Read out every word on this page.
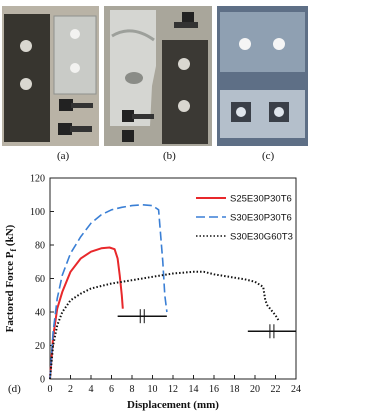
(a)	(b)	(c)
0
20
40
60
80
100
120
0 2 4 6 8 10 12 14 16 18 20 22 24
S25E30P30T6
S30E30P30T6
S30E30G60T3
Factored Force $P_f$ (kN)
Displacement (mm)
(d)
